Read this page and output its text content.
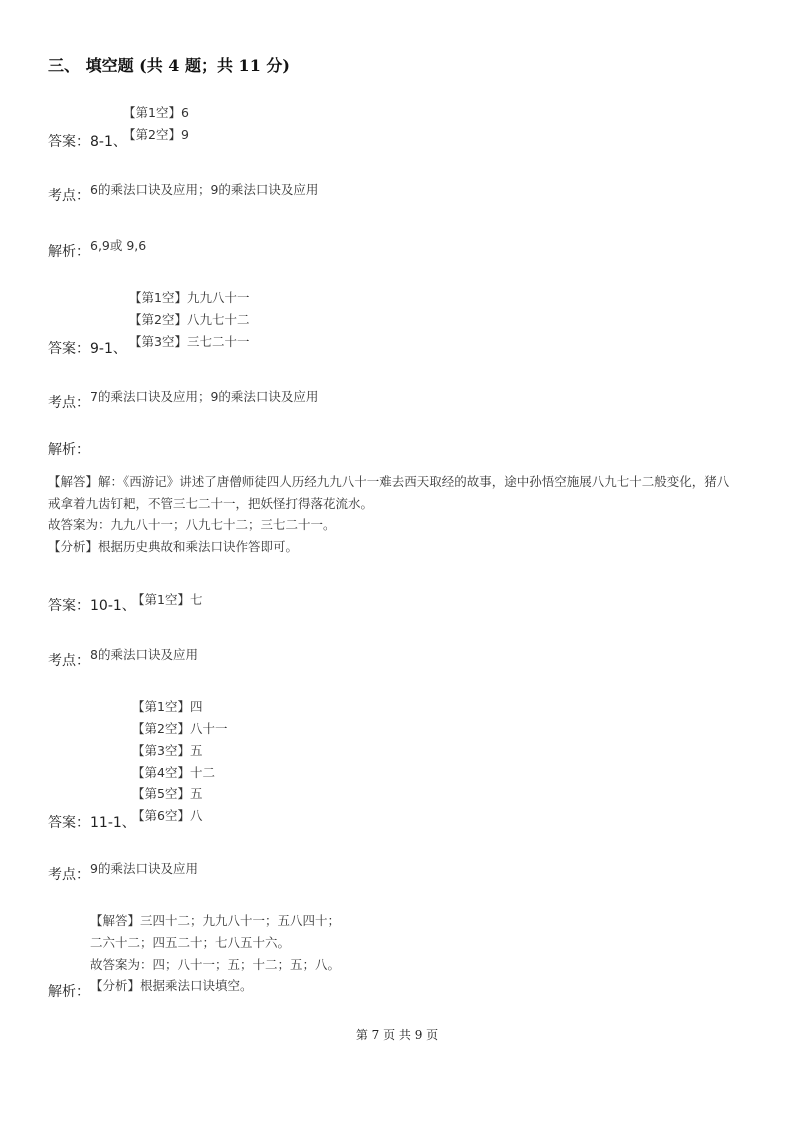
三、 填空题 (共 4 题；共 11 分)
【第1空】6
【第2空】9
答案：8-1、
考点： 6的乘法口诀及应用；9的乘法口诀及应用
解析： 6,9或 9,6
【第1空】九九八十一
【第2空】八九七十二
【第3空】三七二十一
答案：9-1、
考点： 7的乘法口诀及应用；9的乘法口诀及应用
解析：
【解答】解：《西游记》讲述了唐僧师徒四人历经九九八十一难去西天取经的故事，途中孙悟空施展八九七十二般变化，猪八
戒拿着九齿钉耙，不管三七二十一，把妖怪打得落花流水。
故答案为：九九八十一；八九七十二；三七二十一。
【分析】根据历史典故和乘法口诀作答即可。
答案：10-1、
【第1空】七
考点： 8的乘法口诀及应用
【第1空】四
【第2空】八十一
【第3空】五
【第4空】十二
【第5空】五
【第6空】八
答案：11-1、
考点： 9的乘法口诀及应用
【解答】三四十二；九九八十一；五八四十；
二六十二；四五二十；七八五十六。
故答案为：四；八十一；五；十二；五；八。
【分析】根据乘法口诀填空。
解析：
第 7 页 共 9 页
